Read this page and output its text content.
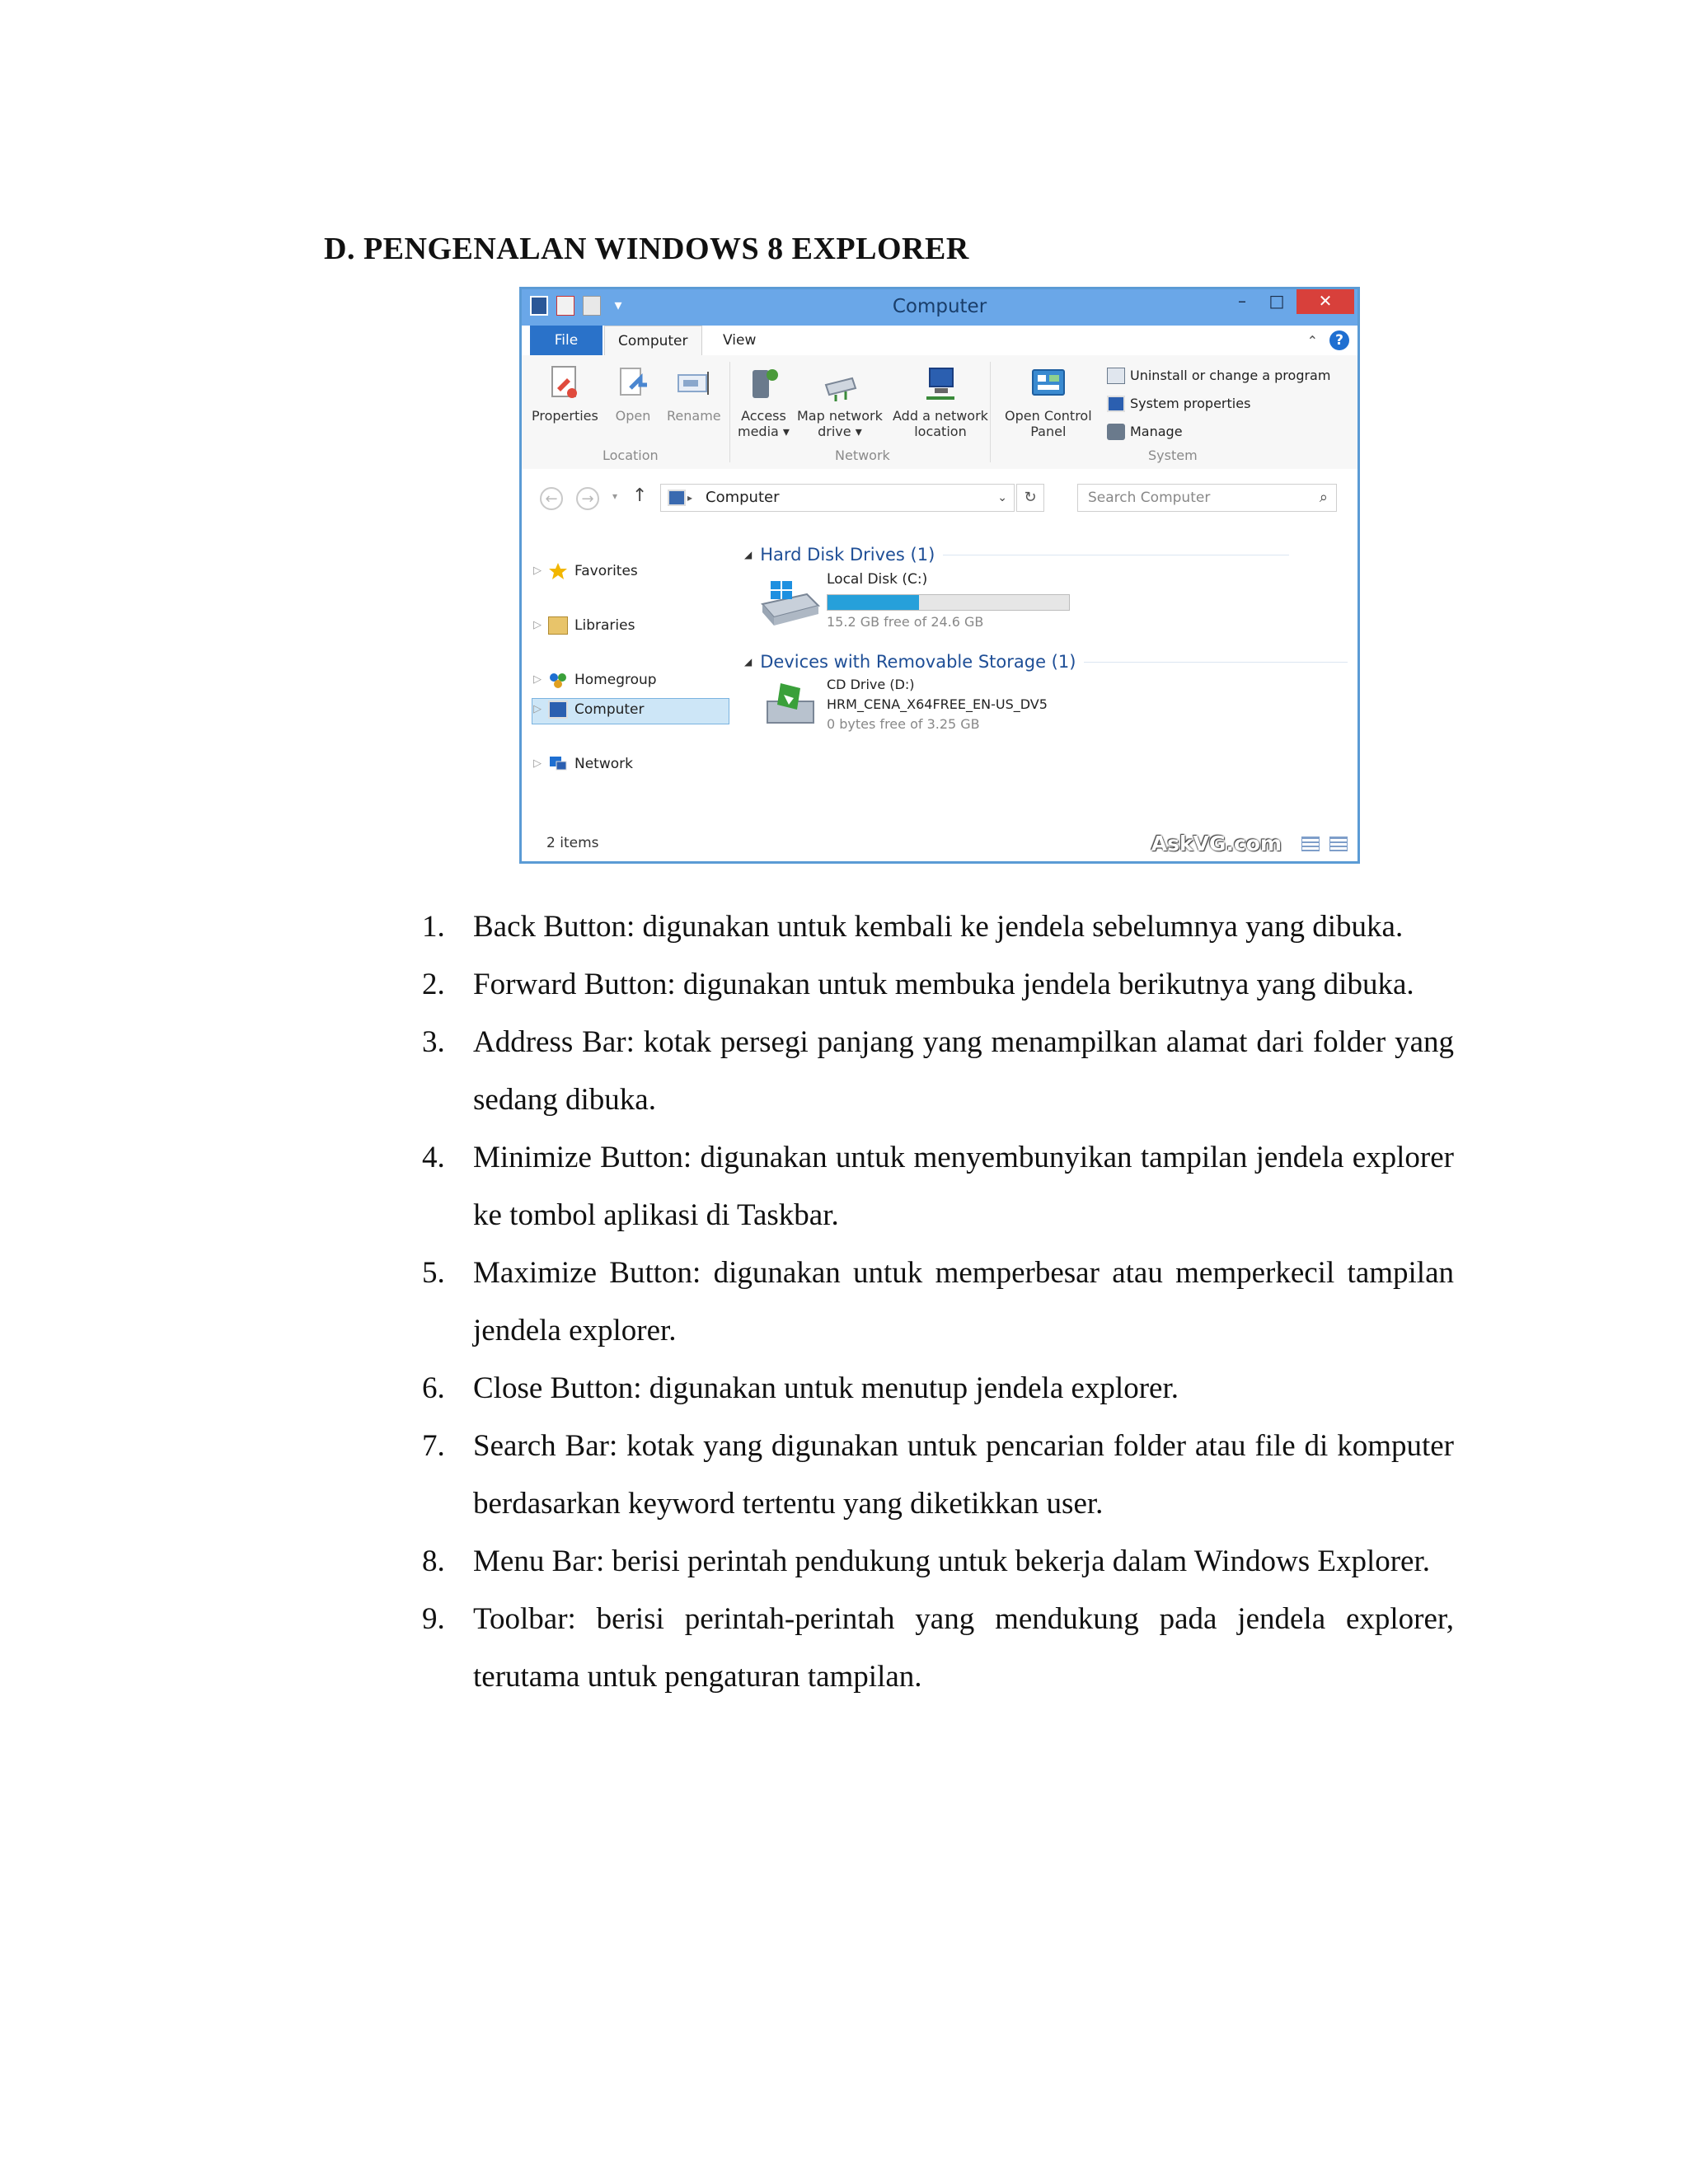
D. PENGENALAN WINDOWS 8 EXPLORER
▾	Computer	–	□	✕
File	Computer	View	⌃	?
Properties Open Rename
Location
Access
media ▾
Map network
drive ▾
Add a network
location
Network
Open Control
Panel
Uninstall or change a program
System properties
Manage
System
←	→	▾ ↑	▸ Computer	⌄	↻	Search Computer	⌕
▷ Favorites
▷ Libraries
▷ Homegroup
▷ Computer
▷ Network
◢ Hard Disk Drives (1)
Local Disk (C:)
15.2 GB free of 24.6 GB
◢ Devices with Removable Storage (1)
CD Drive (D:)
HRM_CENA_X64FREE_EN-US_DV5
0 bytes free of 3.25 GB
2 items	AskVG.com
1. Back Button: digunakan untuk kembali ke jendela sebelumnya yang dibuka.
2. Forward Button: digunakan untuk membuka jendela berikutnya yang dibuka.
3. Address Bar: kotak persegi panjang yang menampilkan alamat dari folder yang sedang dibuka.
4. Minimize Button: digunakan untuk menyembunyikan tampilan jendela explorer ke tombol aplikasi di Taskbar.
5. Maximize Button: digunakan untuk memperbesar atau memperkecil tampilan jendela explorer.
6. Close Button: digunakan untuk menutup jendela explorer.
7. Search Bar: kotak yang digunakan untuk pencarian folder atau file di komputer berdasarkan keyword tertentu yang diketikkan user.
8. Menu Bar: berisi perintah pendukung untuk bekerja dalam Windows Explorer.
9. Toolbar: berisi perintah-perintah yang mendukung pada jendela explorer, terutama untuk pengaturan tampilan.
